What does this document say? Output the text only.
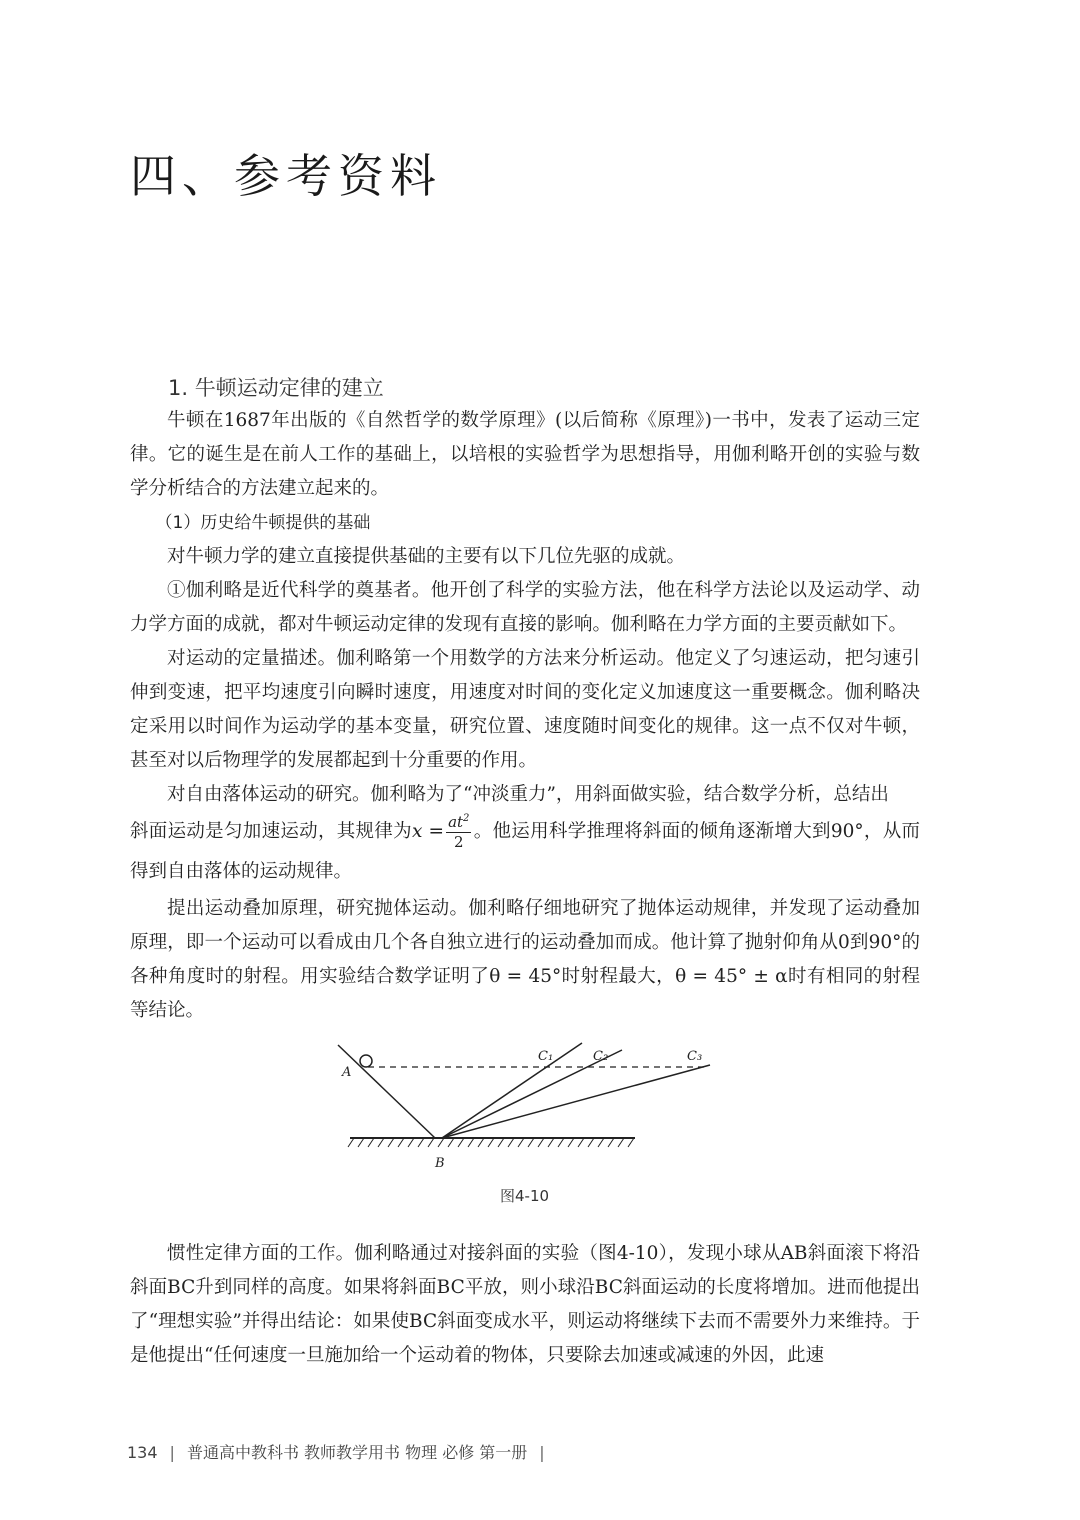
四、参考资料
1. 牛顿运动定律的建立

牛顿在1687年出版的《自然哲学的数学原理》(以后简称《原理》)一书中，发表了运动三定律。它的诞生是在前人工作的基础上，以培根的实验哲学为思想指导，用伽利略开创的实验与数学分析结合的方法建立起来的。

（1）历史给牛顿提供的基础

对牛顿力学的建立直接提供基础的主要有以下几位先驱的成就。

①伽利略是近代科学的奠基者。他开创了科学的实验方法，他在科学方法论以及运动学、动力学方面的成就，都对牛顿运动定律的发现有直接的影响。伽利略在力学方面的主要贡献如下。

对运动的定量描述。伽利略第一个用数学的方法来分析运动。他定义了匀速运动，把匀速引伸到变速，把平均速度引向瞬时速度，用速度对时间的变化定义加速度这一重要概念。伽利略决定采用以时间作为运动学的基本变量，研究位置、速度随时间变化的规律。这一点不仅对牛顿，甚至对以后物理学的发展都起到十分重要的作用。

对自由落体运动的研究。伽利略为了“冲淡重力”，用斜面做实验，结合数学分析，总结出

斜面运动是匀加速运动，其规律为$x = \frac{at^2}{2}$ 。他运用科学推理将斜面的倾角逐渐增大到90°，从而得到自由落体的运动规律。

提出运动叠加原理，研究抛体运动。伽利略仔细地研究了抛体运动规律，并发现了运动叠加原理，即一个运动可以看成由几个各自独立进行的运动叠加而成。他计算了抛射仰角从0到90°的各种角度时的射程。用实验结合数学证明了θ = 45°时射程最大，θ = 45° ± α时有相同的射程等结论。

A
B
C₁	C₂	C₃
图4-10

惯性定律方面的工作。伽利略通过对接斜面的实验（图4-10），发现小球从AB斜面滚下将沿斜面BC升到同样的高度。如果将斜面BC平放，则小球沿BC斜面运动的长度将增加。进而他提出了“理想实验”并得出结论：如果使BC斜面变成水平，则运动将继续下去而不需要外力来维持。于是他提出“任何速度一旦施加给一个运动着的物体，只要除去加速或减速的外因，此速

134 | 普通高中教科书 教师教学用书 物理 必修 第一册 |
